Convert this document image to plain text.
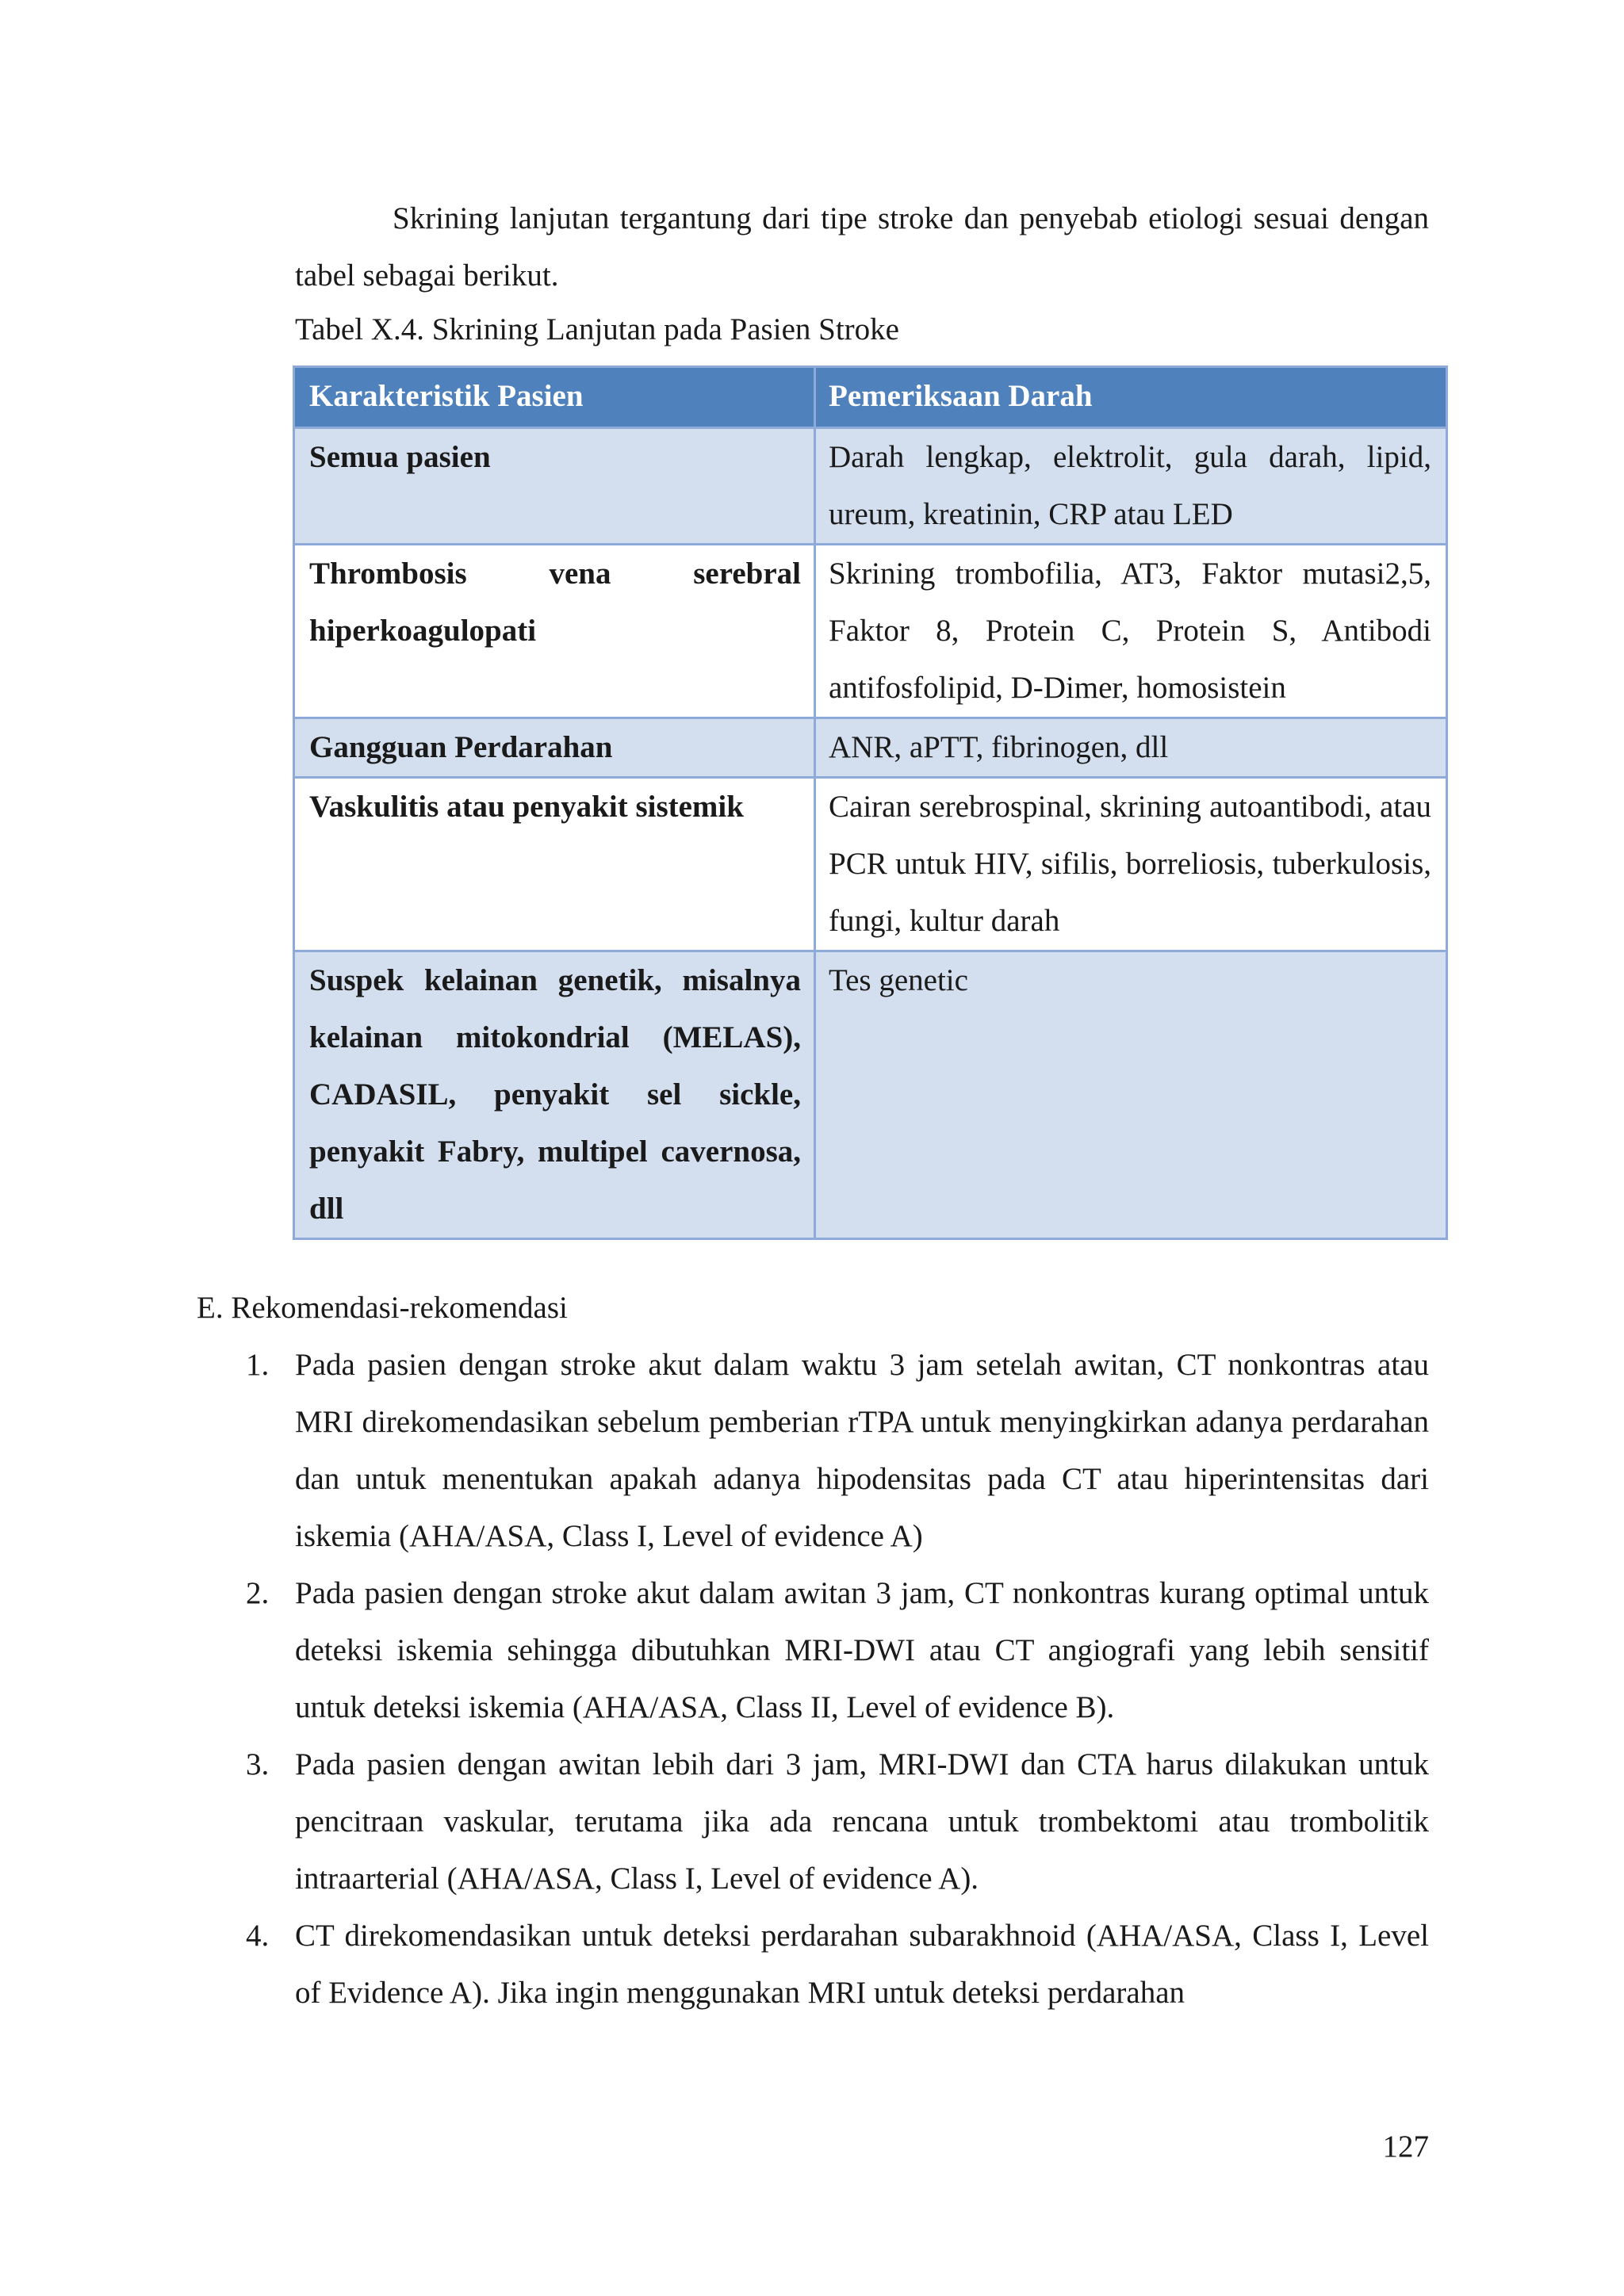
Skrining lanjutan tergantung dari tipe stroke dan penyebab etiologi sesuai dengan tabel sebagai berikut.

Tabel X.4. Skrining Lanjutan pada Pasien Stroke

Karakteristik Pasien	Pemeriksaan Darah

Semua pasien	Darah lengkap, elektrolit, gula darah, lipid, ureum, kreatinin, CRP atau LED

Thrombosis vena serebral hiperkoagulopati	Skrining trombofilia, AT3, Faktor mutasi2,5, Faktor 8, Protein C, Protein S, Antibodi antifosfolipid, D-Dimer, homosistein

Gangguan Perdarahan	ANR, aPTT, fibrinogen, dll

Vaskulitis atau penyakit sistemik	Cairan serebrospinal, skrining autoantibodi, atau PCR untuk HIV, sifilis, borreliosis, tuberkulosis, fungi, kultur darah

Suspek kelainan genetik, misalnya kelainan mitokondrial (MELAS), CADASIL, penyakit sel sickle, penyakit Fabry, multipel cavernosa, dll	Tes genetic

E. Rekomendasi-rekomendasi

1. Pada pasien dengan stroke akut dalam waktu 3 jam setelah awitan, CT nonkontras atau MRI direkomendasikan sebelum pemberian rTPA untuk menyingkirkan adanya perdarahan dan untuk menentukan apakah adanya hipodensitas pada CT atau hiperintensitas dari iskemia (AHA/ASA, Class I, Level of evidence A)
2. Pada pasien dengan stroke akut dalam awitan 3 jam, CT nonkontras kurang optimal untuk deteksi iskemia sehingga dibutuhkan MRI-DWI atau CT angiografi yang lebih sensitif untuk deteksi iskemia (AHA/ASA, Class II, Level of evidence B).
3. Pada pasien dengan awitan lebih dari 3 jam, MRI-DWI dan CTA harus dilakukan untuk pencitraan vaskular, terutama jika ada rencana untuk trombektomi atau trombolitik intraarterial (AHA/ASA, Class I, Level of evidence A).
4. CT direkomendasikan untuk deteksi perdarahan subarakhnoid (AHA/ASA, Class I, Level of Evidence A). Jika ingin menggunakan MRI untuk deteksi perdarahan

127
